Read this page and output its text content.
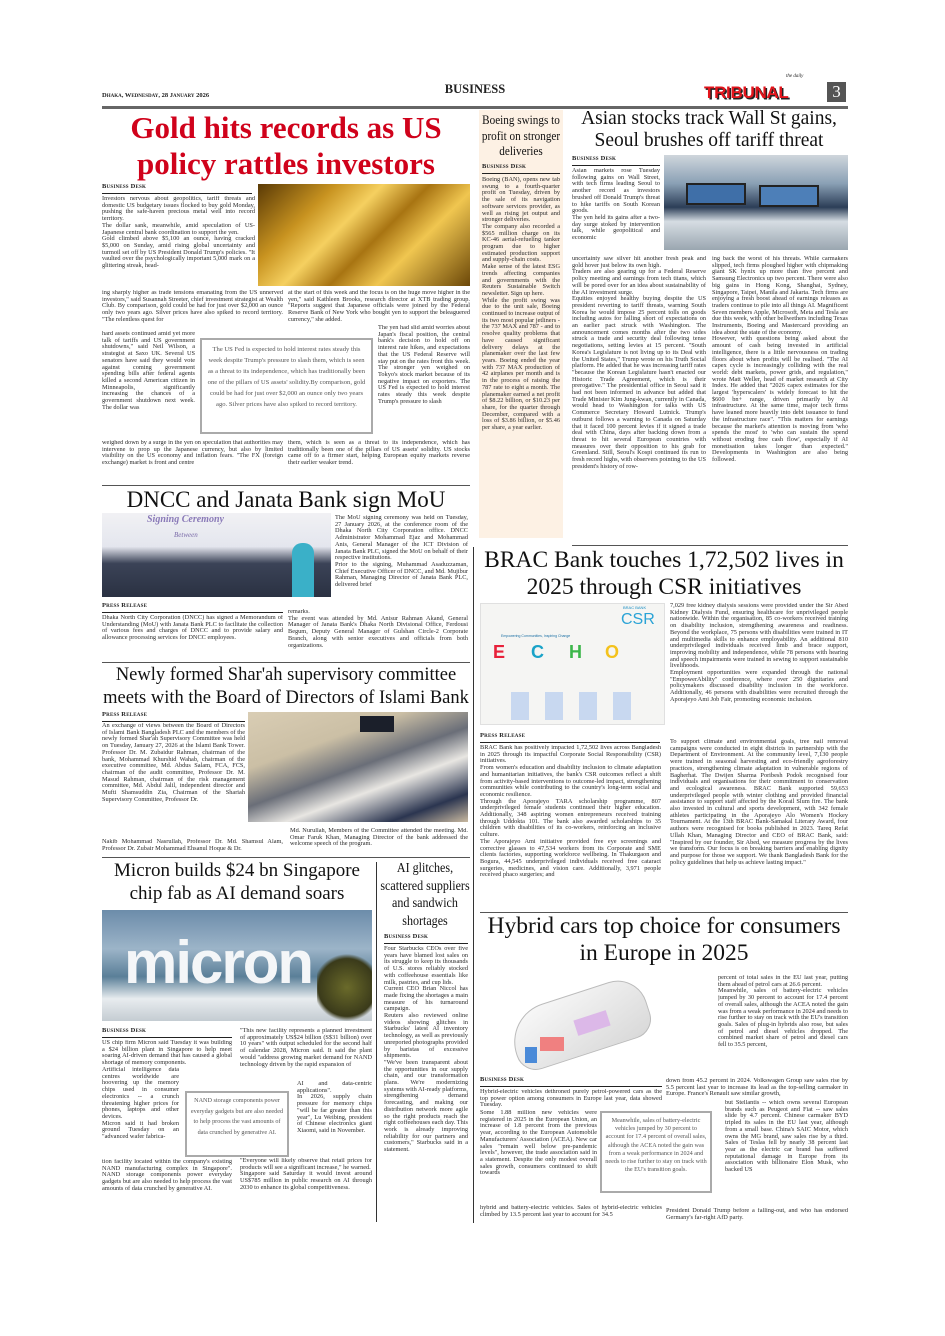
Dhaka, Wednesday, 28 January 2026	BUSINESS
the daily
TRIBUNAL	3
Gold hits records as US policy rattles investors
Business Desk
Investors nervous about geopolitics, tariff threats and domestic US budgetary issues flocked to buy gold Monday, pushing the safe-haven precious metal well into record territory.
The dollar sank, meanwhile, amid speculation of US-Japanese central bank coordination to support the yen.
Gold climbed above $5,100 an ounce, having cracked $5,000 on Sunday, amid rising global uncertainty and turmoil set off by US President Donald Trump's policies. "It vaulted over the psychologically important 5,000 mark on a glittering streak, head-
ing sharply higher as trade tensions emanating from the US unnerved investors," said Susannah Streeter, chief investment strategist at Wealth Club. By comparison, gold could be had for just over $2,000 an ounce only two years ago. Silver prices have also spiked to record territory. "The relentless quest for
hard assets continued amid yet more talk of tariffs and US government shutdowns," said Neil Wilson, a strategist at Saxo UK. Several US senators have said they would vote against coming government spending bills after federal agents killed a second American citizen in Minneapolis, significantly increasing the chances of a government shutdown next week. The dollar was
weighed down by a surge in the yen on speculation that authorities may intervene to prop up the Japanese currency, but also by limited visibility on the US economy and inflation fears. "The FX (foreign exchange) market is front and centre
at the start of this week and the focus is on the huge move higher in the yen," said Kathleen Brooks, research director at XTB trading group. "Reports suggest that Japanese officials were joined by the Federal Reserve Bank of New York who bought yen to support the beleaguered currency," she added.
The yen had slid amid worries about Japan's fiscal position, the central bank's decision to hold off on interest rate hikes, and expectations that the US Federal Reserve will stay put on the rates front this week. The stronger yen weighed on Tokyo's stock market because of its negative impact on exporters. The US Fed is expected to hold interest rates steady this week despite Trump's pressure to slash
them, which is seen as a threat to its independence, which has traditionally been one of the pillars of US assets' solidity. US stocks came off to a firmer start, helping European equity markets reverse their earlier weaker trend.
The US Fed is expected to hold interest rates steady this week despite Trump's pressure to slash them, which is seen as a threat to its independence, which has traditionally been one of the pillars of US assets' solidity.By comparison, gold could be had for just over $2,000 an ounce only two years ago. Silver prices have also spiked to record territory.
Boeing swings to profit on stronger deliveries
Business Desk
Boeing (BAN), opens new tab swung to a fourth-quarter profit on Tuesday, driven by the sale of its navigation software services provider, as well as rising jet output and stronger deliveries.
The company also recorded a $565 million charge on its KC-46 aerial-refueling tanker program due to higher estimated production support and supply-chain costs.
Make sense of the latest ESG trends affecting companies and governments with the Reuters Sustainable Switch newsletter. Sign up here.
While the profit swing was due to the unit sale, Boeing continued to increase output of its two most popular jetliners - the 737 MAX and 787 - and to resolve quality problems that have caused significant delivery delays at the planemaker over the last few years. Boeing ended the year with 737 MAX production of 42 airplanes per month and is in the process of raising the 787 rate to eight a month. The planemaker earned a net profit of $8.22 billion, or $10.23 per share, for the quarter through December, compared with a loss of $3.86 billion, or $5.46 per share, a year earlier.
Asian stocks track Wall St gains, Seoul brushes off tariff threat
Business Desk
Asian markets rose Tuesday following gains on Wall Street, with tech firms leading Seoul to another record as investors brushed off Donald Trump's threat to hike tariffs on South Korean goods.
The yen held its gains after a two-day surge stoked by intervention talk, while geopolitical and economic
uncertainty saw silver hit another fresh peak and gold hover just below its own high.
Traders are also gearing up for a Federal Reserve policy meeting and earnings from tech titans, which will be pored over for an idea about sustainability of the AI investment surge.
Equities enjoyed healthy buying despite the US president reverting to tariff threats, warning South Korea he would impose 25 percent tolls on goods including autos for falling short of expectations on an earlier pact struck with Washington. The announcement comes months after the two sides struck a trade and security deal following tense negotiations, setting levies at 15 percent. "South Korea's Legislature is not living up to its Deal with the United States," Trump wrote on his Truth Social platform. He added that he was increasing tariff rates "because the Korean Legislature hasn't enacted our Historic Trade Agreement, which is their prerogative." The presidential office in Seoul said it had not been informed in advance but added that Trade Minister Kim Jung-kwan, currently in Canada, would head to Washington for talks with US Commerce Secretary Howard Lutnick. Trump's outburst follows a warning to Canada on Saturday that it faced 100 percent levies if it signed a trade deal with China, days after backing down from a threat to hit several European countries with measures over their opposition to his grab for Greenland. Still, Seoul's Kospi continued its run to fresh record highs, with observers pointing to the US president's history of row-
ing back the worst of his threats. While carmakers slipped, tech firms ploughed higher with chipmaking giant SK hynix up more than five percent and Samsung Electronics up two percent. There were also big gains in Hong Kong, Shanghai, Sydney, Singapore, Taipei, Manila and Jakarta. Tech firms are enjoying a fresh boost ahead of earnings releases as traders continue to pile into all things AI. Magnificent Seven members Apple, Microsoft, Meta and Tesla are due this week, with other bellwethers including Texas Instruments, Boeing and Mastercard providing an idea about the state of the economy.
However, with questions being asked about the amount of cash being invested in artificial intelligence, there is a little nervousness on trading floors about when profits will be realised. "The AI capex cycle is increasingly colliding with the real world: debt markets, power grids, and regulation," wrote Matt Weller, head of market research at City Index. He added that "2026 capex estimates for the largest 'hyperscalers' is widely forecast to hit the $600 bn+ range, driven primarily by AI infrastructure. At the same time, major tech firms have leaned more heavily into debt issuance to fund the infrastructure race". "This matters for earnings because the market's attention is moving from 'who spends the most' to 'who can sustain the spend without eroding free cash flow', especially if AI monetisation takes longer than expected." Developments in Washington are also being followed.
DNCC and Janata Bank sign MoU
Signing Ceremony
Between
Press Release
The MoU signing ceremony was held on Tuesday, 27 January 2026, at the conference room of the Dhaka North City Corporation office. DNCC Administrator Mohammad Ejaz and Mohammad Anis, General Manager of the ICT Division of Janata Bank PLC, signed the MoU on behalf of their respective institutions.
Prior to the signing, Muhammad Asaduzzaman, Chief Executive Officer of DNCC, and Md. Mujibur Rahman, Managing Director of Janata Bank PLC, delivered brief
Dhaka North City Corporation (DNCC) has signed a Memorandum of Understanding (MoU) with Janata Bank PLC to facilitate the collection of various fees and charges of DNCC and to provide salary and allowance processing services for DNCC employees.
remarks.
The event was attended by Md. Anisur Rahman Akand, General Manager of Janata Bank's Dhaka North Divisional Office, Ferdousi Begum, Deputy General Manager of Gulshan Circle-2 Corporate Branch, along with senior executives and officials from both organizations.
Newly formed Shar'ah supervisory committee meets with the Board of Directors of Islami Bank
Press Release
An exchange of views between the Board of Directors of Islami Bank Bangladesh PLC and the members of the newly formed Shar'ah Supervisory Committee was held on Tuesday, January 27, 2026 at the Islami Bank Tower. Professor Dr. M. Zubaidur Rahman, chairman of the bank, Mohammad Khurshid Wahab, chairman of the executive committee, Md. Abdus Salam, FCA, FCS, chairman of the audit committee, Professor Dr. M. Masud Rahman, chairman of the risk management committee, Md. Abdul Jalil, independent director and Mufti Shamsuddin Zia, Chairman of the Shariah Supervisory Committee, Professor Dr.
Nakib Mohammad Nasrullah, Professor Dr. Md. Shamsul Alam, Professor Dr. Zubair Mohammad Ehsanul Hoque & Dr.
Md. Nurullah, Members of the Committee attended the meeting. Md. Omar Faruk Khan, Managing Director of the bank addressed the welcome speech of the program.
Micron builds $24 bn Singapore chip fab as AI demand soars
micron
Business Desk
US chip firm Micron said Tuesday it was building a $24 billion plant in Singapore to help meet soaring AI-driven demand that has caused a global shortage of memory components.
Artificial intelligence data centres worldwide are hoovering up the memory chips used in consumer electronics -- a crunch threatening higher prices for phones, laptops and other devices.
Micron said it had broken ground Tuesday on an "advanced wafer fabrica-
tion facility located within the company's existing NAND manufacturing complex in Singapore". NAND storage components power everyday gadgets but are also needed to help process the vast amounts of data crunched by generative AI.
"This new facility represents a planned investment of approximately US$24 billion (S$31 billion) over 10 years" with output scheduled for the second half of calendar 2028, Micron said. It said the plant would "address growing market demand for NAND technology driven by the rapid expansion of
AI and data-centric applications".
In 2026, supply chain pressure for memory chips "will be far greater than this year", Lu Weibing, president of Chinese electronics giant Xiaomi, said in November.
"Everyone will likely observe that retail prices for products will see a significant increase," he warned.
Singapore said Saturday it would invest around US$785 million in public research on AI through 2030 to enhance its global competitiveness.
NAND storage components power everyday gadgets but are also needed to help process the vast amounts of data crunched by generative AI.
AI glitches, scattered suppliers and sandwich shortages
Business Desk
Four Starbucks CEOs over five years have blamed lost sales on its struggle to keep its thousands of U.S. stores reliably stocked with coffeehouse essentials like milk, pastries, and cup lids.
Current CEO Brian Niccol has made fixing the shortages a main measure of his turnaround campaign.
Reuters also reviewed online videos showing glitches in Starbucks' latest AI inventory technology, as well as previously unreported photographs provided by baristas of excessive shipments.
"We've been transparent about the opportunities in our supply chain, and our transformation plans. We're modernizing systems with AI-ready platforms, strengthening demand forecasting, and making our distribution network more agile so the right products reach the right coffeehouses each day. This work is already improving reliability for our partners and customers," Starbucks said in a statement.
BRAC Bank touches 1,72,502 lives in 2025 through CSR initiatives
BRAC BANK
CSR
Empowering Communities, Inspiring Change
E C H O
7,029 free kidney dialysis sessions were provided under the Sir Abed Kidney Dialysis Fund, ensuring healthcare for unprivileged people nationwide. Within the organisation, 85 co-workers received training on disability inclusion, strengthening awareness and readiness. Beyond the workplace, 75 persons with disabilities were trained in IT and multimedia skills to enhance employability. An additional 810 underprivileged individuals received limb and brace support, improving mobility and independence, while 78 persons with hearing and speech impairments were trained in sewing to support sustainable livelihoods.
Employment opportunities were expanded through the national "EmpowerAbility" conference, where over 250 dignitaries and policymakers discussed disability inclusion in the workforce. Additionally, 46 persons with disabilities were recruited through the Aporajeyo Ami Job Fair, promoting economic inclusion.
Press Release
BRAC Bank has positively impacted 1,72,502 lives across Bangladesh in 2025 through its impactful Corporate Social Responsibility (CSR) initiatives.
From women's education and disability inclusion to climate adaptation and humanitarian initiatives, the bank's CSR outcomes reflect a shift from activity-based interventions to outcome-led impact, strengthening communities while contributing to the country's long-term social and economic resilience.
Through the Aporajeyo TARA scholarship programme, 807 underprivileged female students continued their higher education. Additionally, 348 aspiring women entrepreneurs received training through Uddokta 101. The bank also awarded scholarships to 35 children with disabilities of its co-workers, reinforcing an inclusive culture.
The Aporajeyo Ami initiative provided free eye screenings and corrective glasses to 47,534 workers from its Corporate and SME clients factories, supporting workforce wellbeing. In Thakurgaon and Bogura, 44,545 underprivileged individuals received free cataract surgeries, medicines, and vision care. Additionally, 3,971 people received phaco surgeries; and
To support climate and environmental goals, tree nail removal campaigns were conducted in eight districts in partnership with the Department of Environment. At the community level, 7,130 people were trained in seasonal harvesting and eco-friendly agroforestry practices, strengthening climate adaptation in vulnerable regions of Bagherhat. The Dwijen Sharma Poribesh Podok recognised four individuals and organisations for their commitment to conservation and ecological awareness. BRAC Bank supported 59,653 underprivileged people with winter clothing and provided financial assistance to support staff affected by the Korail Slum fire. The bank also invested in cultural and sports development, with 342 female athletes participating in the Aporajeyo Alo Women's Hockey Tournament. At the 13th BRAC Bank-Samakal Literary Award, four authors were recognised for books published in 2023. Tareq Refat Ullah Khan, Managing Director and CEO of BRAC Bank, said: "Inspired by our founder, Sir Abed, we measure progress by the lives we transform. Our focus is on breaking barriers and enabling dignity and purpose for those we support. We thank Bangladesh Bank for the policy guidelines that help us achieve lasting impact."
Hybrid cars top choice for consumers in Europe in 2025
percent of total sales in the EU last year, putting them ahead of petrol cars at 26.6 percent.
Meanwhile, sales of battery-electric vehicles jumped by 30 percent to account for 17.4 percent of overall sales, although the ACEA noted the gain was from a weak performance in 2024 and needs to rise further to stay on track with the EU's transition goals. Sales of plug-in hybrids also rose, but sales of petrol and diesel vehicles dropped. The combined market share of petrol and diesel cars fell to 35.5 percent,
down from 45.2 percent in 2024. Volkswagen Group saw sales rise by 5.5 percent last year to increase its lead as the top-selling carmaker in Europe. France's Renault saw similar growth,
but Stellantis -- which owns several European brands such as Peugeot and Fiat -- saw sales slide by 4.7 percent. Chinese carmaker BYD tripled its sales in the EU last year, although from a small base. China's SAIC Motor, which owns the MG brand, saw sales rise by a third. Sales of Teslas fell by nearly 38 percent last year as the electric car brand has suffered reputational damage in Europe from its association with billionaire Elon Musk, who backed US
President Donald Trump before a falling-out, and who has endorsed Germany's far-right AfD party.
Business Desk
Hybrid-electric vehicles dethroned purely petrol-powered cars as the top power option among consumers in Europe last year, data showed Tuesday.
Some 1.88 million new vehicles were registered in 2025 in the European Union, an increase of 1.8 percent from the previous year, according to the European Automobile Manufacturers' Association (ACEA). New car sales "remain well below pre-pandemic levels", however, the trade association said in a statement. Despite the only modest overall sales growth, consumers continued to shift towards
hybrid and battery-electric vehicles. Sales of hybrid-electric vehicles climbed by 13.5 percent last year to account for 34.5
Meanwhile, sales of battery-electric vehicles jumped by 30 percent to account for 17.4 percent of overall sales, although the ACEA noted the gain was from a weak performance in 2024 and needs to rise further to stay on track with the EU's transition goals.
